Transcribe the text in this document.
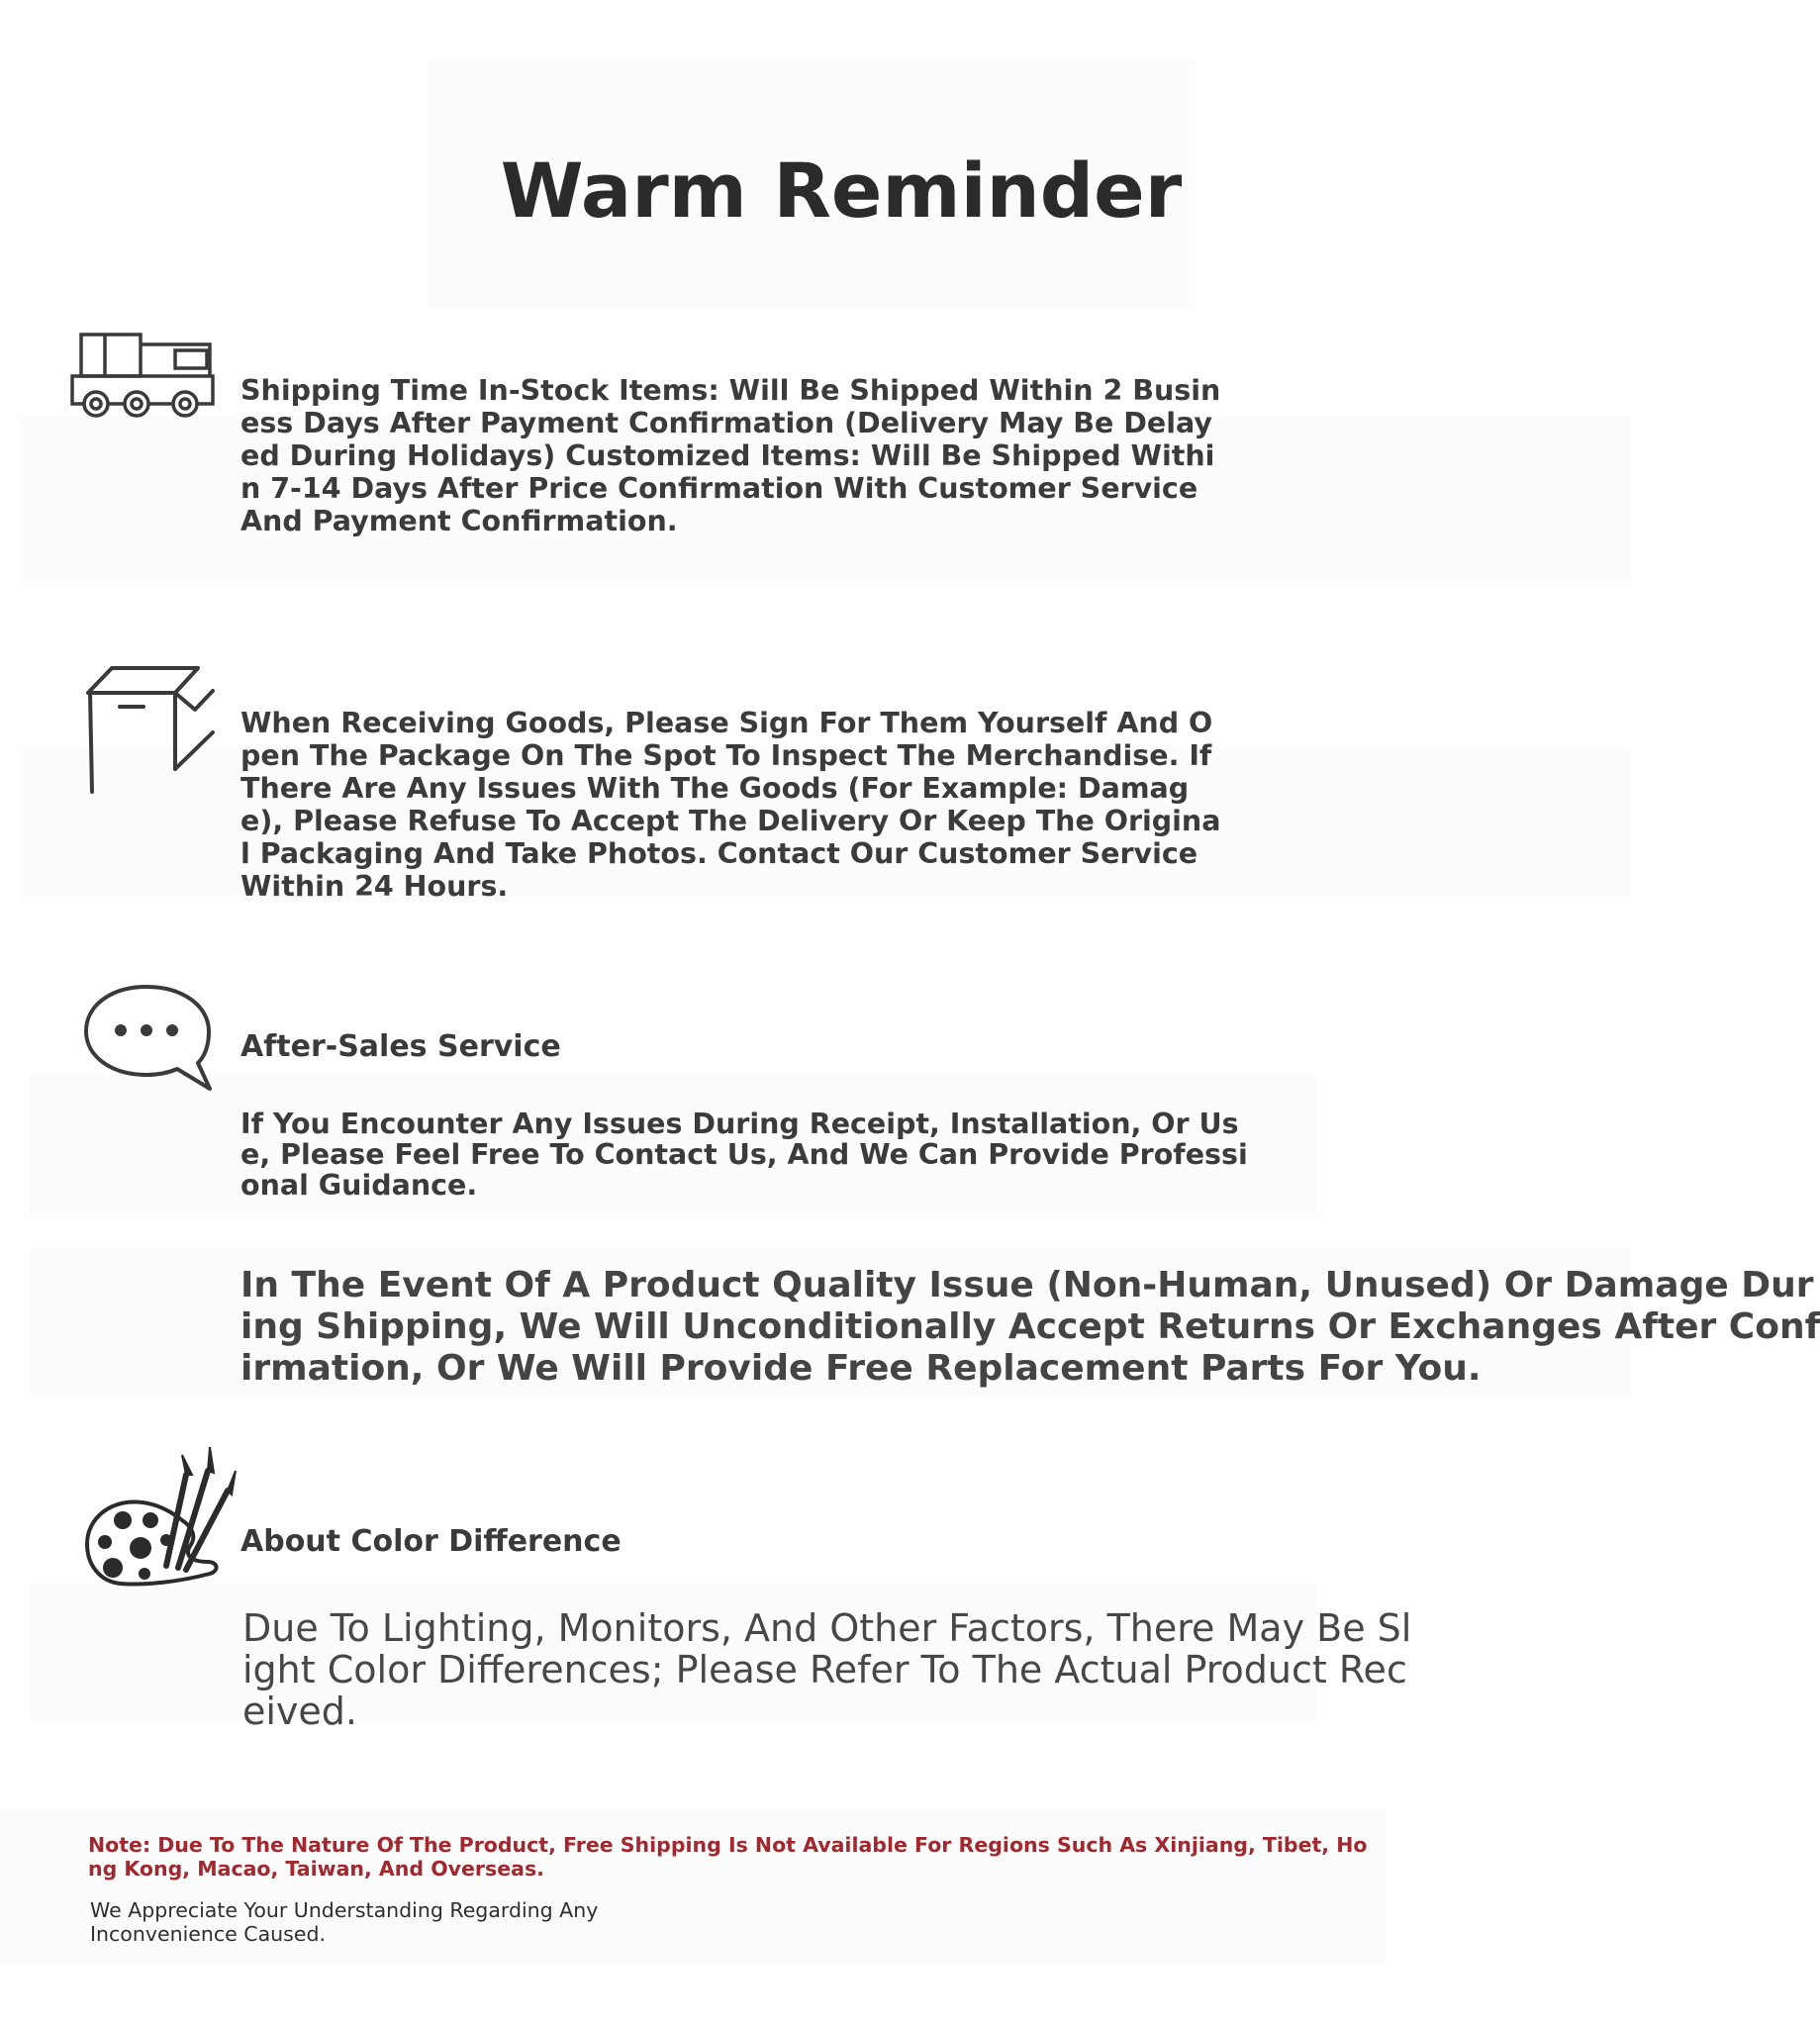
Warm Reminder

Shipping Time In-Stock Items: Will Be Shipped Within 2 Business Days After Payment Confirmation (Delivery May Be Delayed During Holidays) Customized Items: Will Be Shipped Within 7-14 Days After Price Confirmation With Customer Service And Payment Confirmation.

When Receiving Goods, Please Sign For Them Yourself And Open The Package On The Spot To Inspect The Merchandise. If There Are Any Issues With The Goods (For Example: Damage), Please Refuse To Accept The Delivery Or Keep The Original Packaging And Take Photos. Contact Our Customer Service Within 24 Hours.

After-Sales Service

If You Encounter Any Issues During Receipt, Installation, Or Use, Please Feel Free To Contact Us, And We Can Provide Professional Guidance.

In The Event Of A Product Quality Issue (Non-Human, Unused) Or Damage Dur
ing Shipping, We Will Unconditionally Accept Returns Or Exchanges After Conf
irmation, Or We Will Provide Free Replacement Parts For You.
About Color Difference

Due To Lighting, Monitors, And Other Factors, There May Be Slight Color Differences; Please Refer To The Actual Product Received.

Note: Due To The Nature Of The Product, Free Shipping Is Not Available For Regions Such As Xinjiang, Tibet, Hong Kong, Macao, Taiwan, And Overseas.

We Appreciate Your Understanding Regarding Any Inconvenience Caused.
